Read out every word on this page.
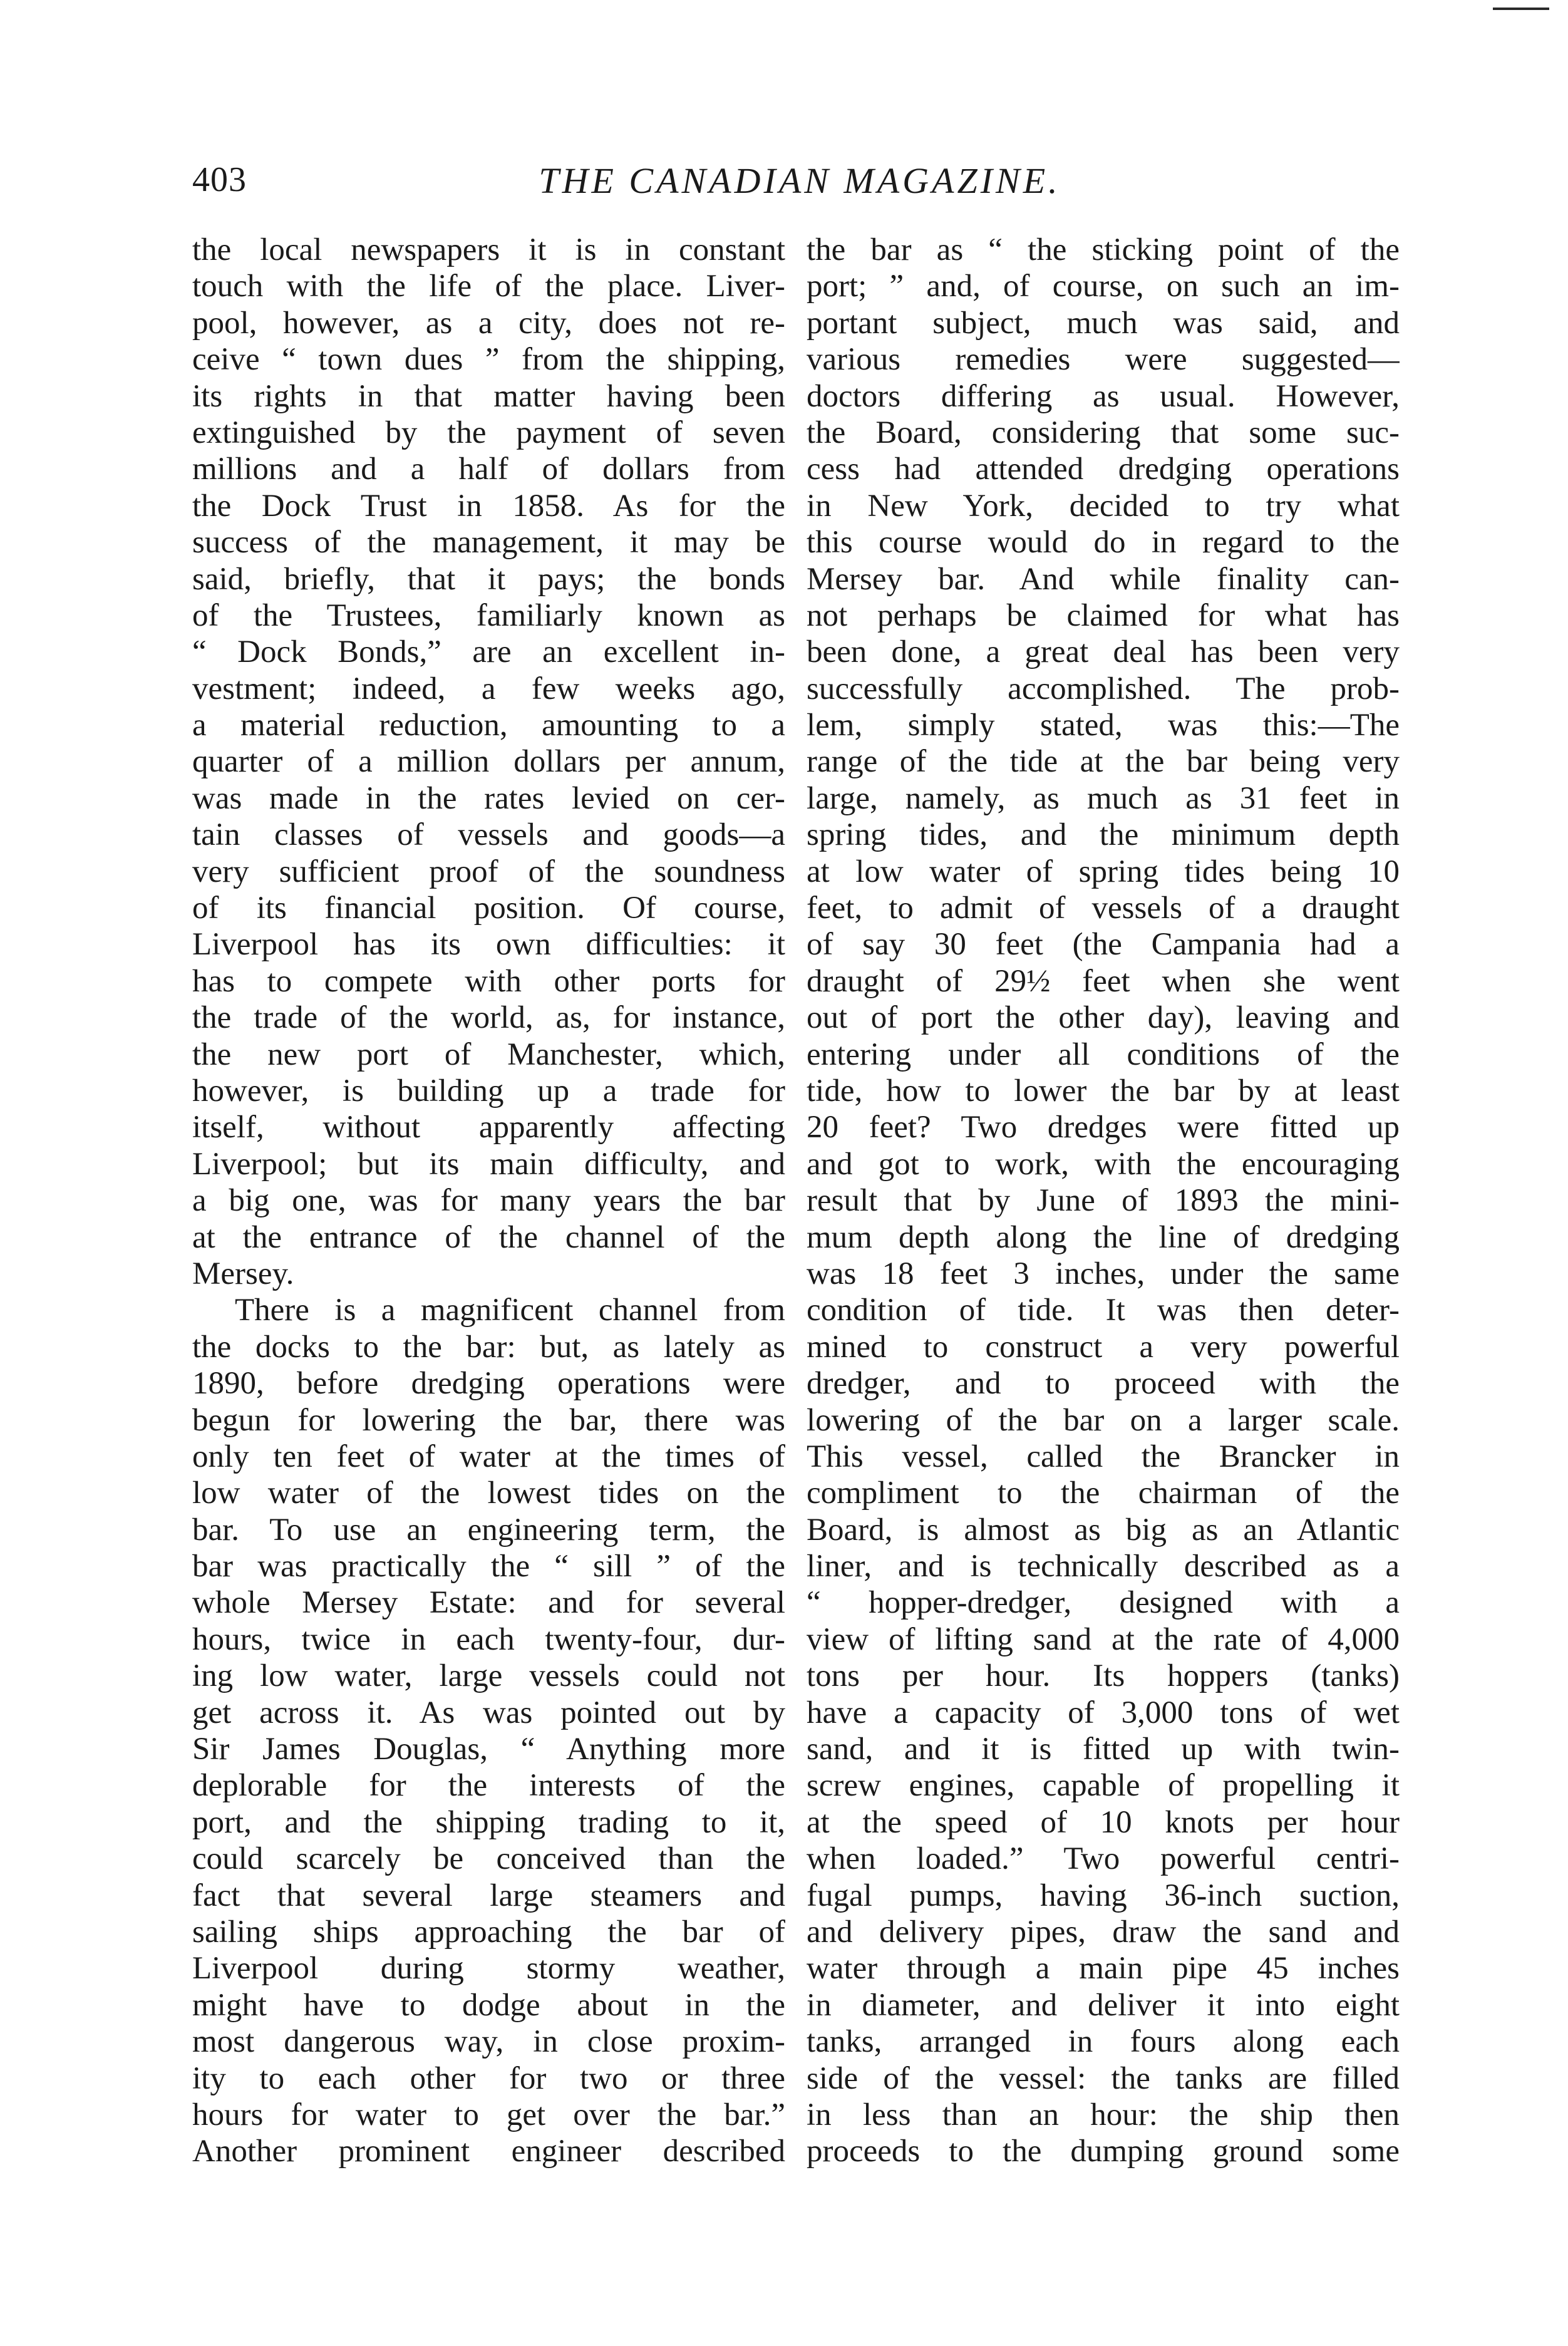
403	THE CANADIAN MAGAZINE.
the local newspapers it is in constant
touch with the life of the place. Liver-
pool, however, as a city, does not re-
ceive “ town dues ” from the shipping,
its rights in that matter having been
extinguished by the payment of seven
millions and a half of dollars from
the Dock Trust in 1858. As for the
success of the management, it may be
said, briefly, that it pays; the bonds
of the Trustees, familiarly known as
“ Dock Bonds,” are an excellent in-
vestment; indeed, a few weeks ago,
a material reduction, amounting to a
quarter of a million dollars per annum,
was made in the rates levied on cer-
tain classes of vessels and goods—a
very sufficient proof of the soundness
of its financial position. Of course,
Liverpool has its own difficulties: it
has to compete with other ports for
the trade of the world, as, for instance,
the new port of Manchester, which,
however, is building up a trade for
itself, without apparently affecting
Liverpool; but its main difficulty, and
a big one, was for many years the bar
at the entrance of the channel of the
Mersey.
There is a magnificent channel from
the docks to the bar: but, as lately as
1890, before dredging operations were
begun for lowering the bar, there was
only ten feet of water at the times of
low water of the lowest tides on the
bar. To use an engineering term, the
bar was practically the “ sill ” of the
whole Mersey Estate: and for several
hours, twice in each twenty-four, dur-
ing low water, large vessels could not
get across it. As was pointed out by
Sir James Douglas, “ Anything more
deplorable for the interests of the
port, and the shipping trading to it,
could scarcely be conceived than the
fact that several large steamers and
sailing ships approaching the bar of
Liverpool during stormy weather,
might have to dodge about in the
most dangerous way, in close proxim-
ity to each other for two or three
hours for water to get over the bar.”
Another prominent engineer described
the bar as “ the sticking point of the
port; ” and, of course, on such an im-
portant subject, much was said, and
various remedies were suggested—
doctors differing as usual. However,
the Board, considering that some suc-
cess had attended dredging operations
in New York, decided to try what
this course would do in regard to the
Mersey bar. And while finality can-
not perhaps be claimed for what has
been done, a great deal has been very
successfully accomplished. The prob-
lem, simply stated, was this:—The
range of the tide at the bar being very
large, namely, as much as 31 feet in
spring tides, and the minimum depth
at low water of spring tides being 10
feet, to admit of vessels of a draught
of say 30 feet (the Campania had a
draught of 29½ feet when she went
out of port the other day), leaving and
entering under all conditions of the
tide, how to lower the bar by at least
20 feet? Two dredges were fitted up
and got to work, with the encouraging
result that by June of 1893 the mini-
mum depth along the line of dredging
was 18 feet 3 inches, under the same
condition of tide. It was then deter-
mined to construct a very powerful
dredger, and to proceed with the
lowering of the bar on a larger scale.
This vessel, called the Brancker in
compliment to the chairman of the
Board, is almost as big as an Atlantic
liner, and is technically described as a
“ hopper-dredger, designed with a
view of lifting sand at the rate of 4,000
tons per hour. Its hoppers (tanks)
have a capacity of 3,000 tons of wet
sand, and it is fitted up with twin-
screw engines, capable of propelling it
at the speed of 10 knots per hour
when loaded.” Two powerful centri-
fugal pumps, having 36-inch suction,
and delivery pipes, draw the sand and
water through a main pipe 45 inches
in diameter, and deliver it into eight
tanks, arranged in fours along each
side of the vessel: the tanks are filled
in less than an hour: the ship then
proceeds to the dumping ground some
